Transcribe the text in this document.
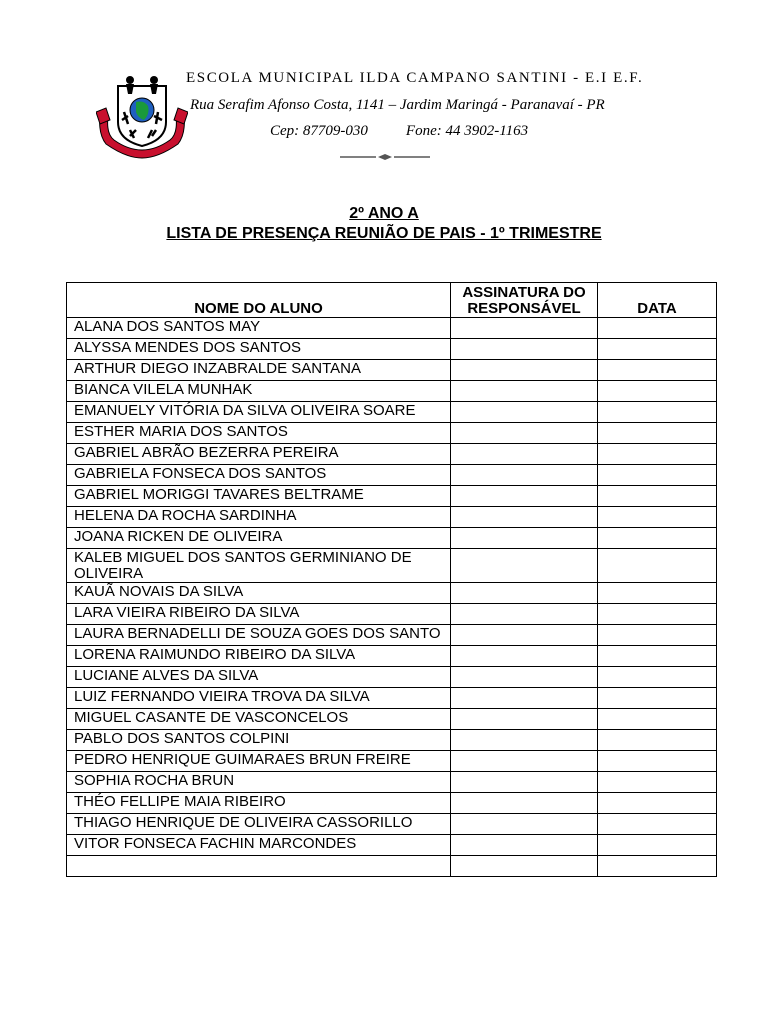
ESCOLA MUNICIPAL ILDA CAMPANO SANTINI - E.I E.F.
Rua Serafim Afonso Costa, 1141 – Jardim Maringá - Paranavaí - PR
Cep: 87709-030	Fone: 44 3902-1163
2º ANO A
LISTA DE PRESENÇA REUNIÃO DE PAIS - 1º TRIMESTRE
NOME DO ALUNO	ASSINATURA DO RESPONSÁVEL	DATA
ALANA DOS SANTOS MAY		
ALYSSA MENDES DOS SANTOS		
ARTHUR DIEGO INZABRALDE SANTANA		
BIANCA VILELA MUNHAK		
EMANUELY VITÓRIA DA SILVA OLIVEIRA SOARE		
ESTHER MARIA DOS SANTOS		
GABRIEL ABRÃO BEZERRA PEREIRA		
GABRIELA FONSECA DOS SANTOS		
GABRIEL MORIGGI TAVARES BELTRAME		
HELENA DA ROCHA SARDINHA		
JOANA RICKEN DE OLIVEIRA		
KALEB MIGUEL DOS SANTOS GERMINIANO DE OLIVEIRA		
KAUÃ NOVAIS DA SILVA		
LARA VIEIRA RIBEIRO DA SILVA		
LAURA BERNADELLI DE SOUZA GOES DOS SANTO		
LORENA RAIMUNDO RIBEIRO DA SILVA		
LUCIANE ALVES DA SILVA		
LUIZ FERNANDO VIEIRA TROVA DA SILVA		
MIGUEL CASANTE DE VASCONCELOS		
PABLO DOS SANTOS COLPINI		
PEDRO HENRIQUE GUIMARAES BRUN FREIRE		
SOPHIA ROCHA BRUN		
THÉO FELLIPE MAIA RIBEIRO		
THIAGO HENRIQUE DE OLIVEIRA CASSORILLO		
VITOR FONSECA FACHIN MARCONDES		
